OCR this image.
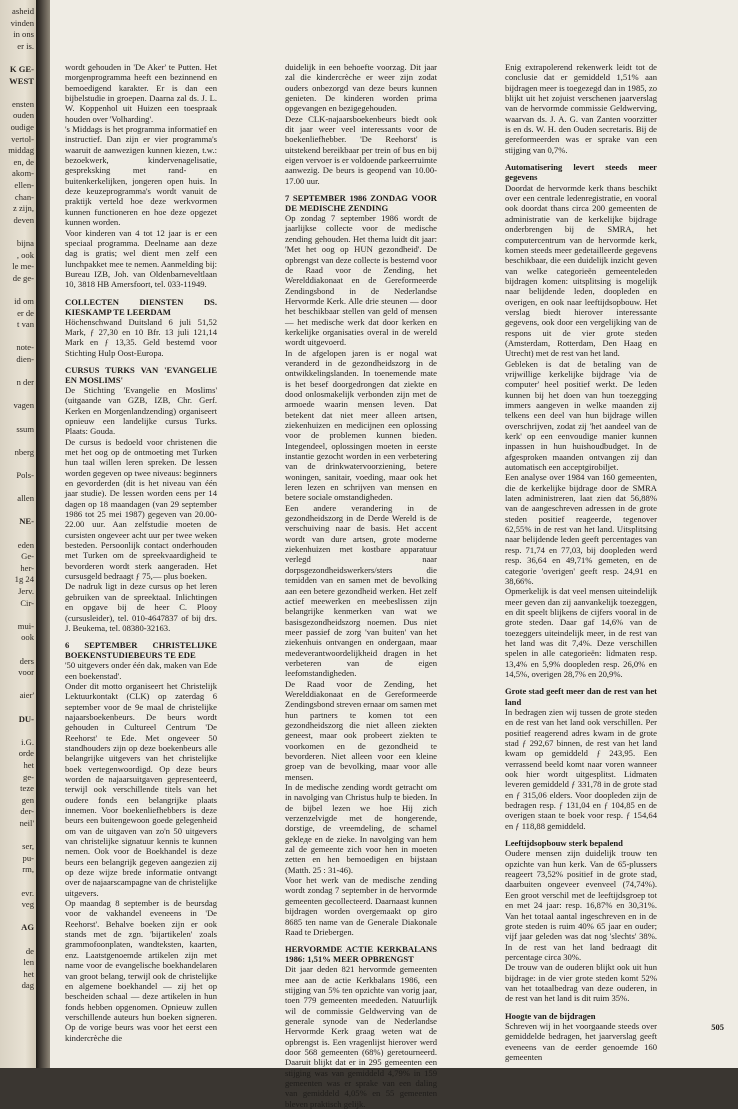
asheid
vinden
in ons
er is.
K GE-
WEST
ensten
ouden
oudige
vertol-
middag
en, de
akom-
ellen-
chan-
z zijn,
deven
bijna
, ook
le me-
de ge-
id om
er de
t van
note-
dien-
n der
vagen
ssum
nberg
Pols-
allen
NE-
eden
Ge-
her-
1g 24
Jerv.
Cir-
mui-
ook
ders
voor
aier'
DU-
i.G.
orde
het
ge-
teze
gen
der-
neil'
ser,
pu-
rm,
evr.
veg
AG
de
len
het
dag

wordt gehouden in 'De Aker' te Putten. Het morgenprogramma heeft een bezinnend en bemoedigend karakter. Er is dan een bijbelstudie in groepen. Daarna zal ds. J. L. W. Koppenhol uit Huizen een toespraak houden over 'Volharding'.

's Middags is het programma informatief en instructief. Dan zijn er vier programma's waaruit de aanwezigen kunnen kiezen, t.w.: bezoekwerk, kindervenagelisatie, gespreksking met rand- en buitenkerkelijken, jongeren open huis. In deze keuzeprogramma's wordt vanuit de praktijk verteld hoe deze werkvormen kunnen functioneren en hoe deze opgezet kunnen worden.

Voor kinderen van 4 tot 12 jaar is er een speciaal programma. Deelname aan deze dag is gratis; wel dient men zelf een lunchpakket mee te nemen. Aanmelding bij: Bureau IZB, Joh. van Oldenbarneveltlaan 10, 3818 HB Amersfoort, tel. 033-11949.

COLLECTEN DIENSTEN DS. KIESKAMP TE LEERDAM

Höchenschwand Duitsland 6 juli 51,52 Mark, ƒ 27,30 en 10 Bfr. 13 juli 121,14 Mark en ƒ 13,35. Geld bestemd voor Stichting Hulp Oost-Europa.

CURSUS TURKS VAN 'EVANGELIE EN MOSLIMS'

De Stichting 'Evangelie en Moslims' (uitgaande van GZB, IZB, Chr. Gerf. Kerken en Morgenlandzending) organiseert opnieuw een landelijke cursus Turks. Plaats: Gouda.

De cursus is bedoeld voor christenen die met het oog op de ontmoeting met Turken hun taal willen leren spreken. De lessen worden gegeven op twee niveaus: beginners en gevorderden (dit is het niveau van één jaar studie). De lessen worden eens per 14 dagen op 18 maandagen (van 29 september 1986 tot 25 mei 1987) gegeven van 20.00-22.00 uur. Aan zelfstudie moeten de cursisten ongeveer acht uur per twee weken besteden. Persoonlijk contact onderhouden met Turken om de spreekvaardigheid te bevorderen wordt sterk aangeraden. Het cursusgeld bedraagt ƒ 75,— plus boeken.

De nadruk ligt in deze cursus op het leren gebruiken van de spreektaal. Inlichtingen en opgave bij de heer C. Plooy (cursusleider), tel. 010-4647837 of bij drs. J. Beukema, tel. 08380-32163.

6 SEPTEMBER CHRISTELIJKE BOEKENSTUDIEBEURS TE EDE

'50 uitgevers onder één dak, maken van Ede een boekenstad'.

Onder dit motto organiseert het Christelijk Lektuurkontakt (CLK) op zaterdag 6 september voor de 9e maal de christelijke najaarsboekenbeurs. De beurs wordt gehouden in Cultureel Centrum 'De Reehorst' te Ede. Met ongeveer 50 standhouders zijn op deze boekenbeurs alle belangrijke uitgevers van het christelijke boek vertegenwoordigd. Op deze beurs worden de najaarsuitgaven gepresenteerd, terwijl ook verschillende titels van het oudere fonds een belangrijke plaats innemen. Voor boekenliefhebbers is deze beurs een buitengewoon goede gelegenheid om van de uitgaven van zo'n 50 uitgevers van christelijke signatuur kennis te kunnen nemen. Ook voor de Boekhandel is deze beurs een belangrijk gegeven aangezien zij op deze wijze brede informatie ontvangt over de najaarscampagne van de christelijke uitgevers.

Op maandag 8 september is de beursdag voor de vakhandel eveneens in 'De Reehorst'. Behalve boeken zijn er ook stands met de zgn. 'bijartikelen' zoals grammofoonplaten, wandteksten, kaarten, enz. Laatstgenoemde artikelen zijn met name voor de evangelische boekhandelaren van groot belang, terwijl ook de christelijke en algemene boekhandel — zij het op bescheiden schaal — deze artikelen in hun fonds hebben opgenomen. Opnieuw zullen verschillende auteurs hun boeken signeren. Op de vorige beurs was voor het eerst een kindercrèche die

duidelijk in een behoefte voorzag. Dit jaar zal die kindercrèche er weer zijn zodat ouders onbezorgd van deze beurs kunnen genieten. De kinderen worden prima opgevangen en bezigegehouden.

Deze CLK-najaarsboekenbeurs biedt ook dit jaar weer veel interessants voor de boekenliefhebber. 'De Reehorst' is uitstekend bereikbaar per trein of bus en bij eigen vervoer is er voldoende parkeerruimte aanwezig. De beurs is geopend van 10.00-17.00 uur.

7 SEPTEMBER 1986 ZONDAG VOOR DE MEDISCHE ZENDING

Op zondag 7 september 1986 wordt de jaarlijkse collecte voor de medische zending gehouden. Het thema luidt dit jaar: 'Met het oog op HUN gezondheid'. De opbrengst van deze collecte is bestemd voor de Raad voor de Zending, het Werelddiakonaat en de Gereformeerde Zendingsbond in de Nederlandse Hervormde Kerk. Alle drie steunen — door het beschikbaar stellen van geld of mensen — het medische werk dat door kerken en kerkelijke organisaties overal in de wereld wordt uitgevoerd.

In de afgelopen jaren is er nogal wat veranderd in de gezondheidszorg in de ontwikkelingslanden. In toenemende mate is het besef doorgedrongen dat ziekte en dood onlosmakelijk verbonden zijn met de armoede waarin mensen leven. Dat betekent dat niet meer alleen artsen, ziekenhuizen en medicijnen een oplossing voor de problemen kunnen bieden. Integendeel, oplossingen moeten in eerste instantie gezocht worden in een verbetering van de drinkwatervoorziening, betere woningen, sanitair, voeding, maar ook het leren lezen en schrijven van mensen en betere sociale omstandigheden.

Een andere verandering in de gezondheidszorg in de Derde Wereld is de verschuiving naar de basis. Het accent wordt van dure artsen, grote moderne ziekenhuizen met kostbare apparatuur verlegd naar dorpsgezondheidswerkers/sters die temidden van en samen met de bevolking aan een betere gezondheid werken. Het zelf actief meewerken en meebeslissen zijn belangrijke kenmerken van wat we basisgezondheidszorg noemen. Dus niet meer passief de zorg 'van buiten' van het ziekenhuis ontvangen en ondergaan, maar medeverantwoordelijkheid dragen in het verbeteren van de eigen leefomstandigheden.

De Raad voor de Zending, het Werelddiakonaat en de Gereformeerde Zendingsbond streven ernaar om samen met hun partners te komen tot een gezondheidszorg die niet alleen ziekten geneest, maar ook probeert ziekten te voorkomen en de gezondheid te bevorderen. Niet alleen voor een kleine groep van de bevolking, maar voor alle mensen.

In de medische zending wordt getracht om in navolging van Christus hulp te bieden. In de bijbel lezen we hoe Hij zich verzenzelvigde met de hongerende, dorstige, de vreemdeling, de schamel gekleде en de zieke. In navolging van hem zal de gemeente zich voor hen in moeten zetten en hen bemoedigen en bijstaan (Matth. 25 : 31-46).

Voor het werk van de medische zending wordt zondag 7 september in de hervormde gemeenten gecollecteerd. Daarnaast kunnen bijdragen worden overgemaakt op giro 8685 ten name van de Generale Diakonale Raad te Driebergen.

HERVORMDE ACTIE KERKBALANS 1986: 1,51% MEER OPBRENGST

Dit jaar deden 821 hervormde gemeenten mee aan de actie Kerkbalans 1986, een stijging van 5% ten opzichte van vorig jaar, toen 779 gemeenten meededen. Natuurlijk wil de commissie Geldwerving van de generale synode van de Nederlandse Hervormde Kerk graag weten wat de opbrengst is. Een vragenlijst hierover werd door 568 gemeenten (68%) geretourneerd. Daaruit blijkt dat er in 295 gemeenten een stijging was van gemiddeld 4,79% in 159 gemeenten was er sprake van een daling van gemiddeld 4,05% en 55 gemeenten bleven praktisch gelijk.

Enig extrapolerend rekenwerk leidt tot de conclusie dat er gemiddeld 1,51% aan bijdragen meer is toegezegd dan in 1985, zo blijkt uit het zojuist verschenen jaarverslag van de hervormde commissie Geldwerving, waarvan ds. J. A. G. van Zanten voorzitter is en ds. W. H. den Ouden secretaris. Bij de gereformeerden was er sprake van een stijging van 0,7%.

Automatisering levert steeds meer gegevens

Doordat de hervormde kerk thans beschikt over een centrale ledenregistratie, en vooral ook doordat thans circa 200 gemeenten de administratie van de kerkelijke bijdrage onderbrengen bij de SMRA, het computercentrum van de hervormde kerk, komen steeds meer gedetailleerde gegevens beschikbaar, die een duidelijk inzicht geven van welke categorieën gemeenteleden bijdragen komen: uitsplitsing is mogelijk naar belijdende leden, doopleden en overigen, en ook naar leeftijdsopbouw. Het verslag biedt hierover interessante gegevens, ook door een vergelijking van de respons uit de vier grote steden (Amsterdam, Rotterdam, Den Haag en Utrecht) met de rest van het land.

Gebleken is dat de betaling van de vrijwillige kerkelijke bijdrage 'via de computer' heel positief werkt. De leden kunnen bij het doen van hun toezegging immers aangeven in welke maanden zij telkens een deel van hun bijdrage willen overschrijven, zodat zij 'het aandeel van de kerk' op een eenvoudige manier kunnen inpassen in hun huishoudbudget. In de afgesproken maanden ontvangen zij dan automatisch een acceptgirobiljet.

Een analyse over 1984 van 160 gemeenten, die de kerkelijke bijdrage door de SMRA laten administreren, laat zien dat 56,88% van de aangeschreven adressen in de grote steden positief reageerde, tegenover 62,55% in de rest van het land. Uitsplitsing naar belijdende leden geeft percentages van resp. 71,74 en 77,03, bij doopleden werd resp. 36,64 en 49,71% gemeten, en de categorie 'overigen' geeft resp. 24,91 en 38,66%.

Opmerkelijk is dat veel mensen uiteindelijk meer geven dan zij aanvankelijk toezeggen, en dit speelt blijkens de cijfers vooral in de grote steden. Daar gaf 14,6% van de toezeggers uiteindelijk meer, in de rest van het land was dit 7,4%. Deze verschillen spelen in alle categorieën: lidmaten resp. 13,4% en 5,9% doopleden resp. 26,0% en 14,5%, overigen 28,7% en 20,9%.

Grote stad geeft meer dan de rest van het land

In bedragen zien wij tussen de grote steden en de rest van het land ook verschillen. Per positief reagerend adres kwam in de grote stad ƒ 292,67 binnen, de rest van het land kwam op gemiddeld ƒ 243,95. Een verrassend beeld komt naar voren wanneer ook hier wordt uitgesplitst. Lidmaten leveren gemiddeld ƒ 331,78 in de grote stad en ƒ 315,06 elders. Voor doopleden zijn de bedragen resp. ƒ 131,04 en ƒ 104,85 en de overigen staan te boek voor resp. ƒ 154,64 en ƒ 118,88 gemiddeld.

Leeftijdsopbouw sterk bepalend

Oudere mensen zijn duidelijk trouw ten opzichte van hun kerk. Van de 65-plussers reageert 73,52% positief in de grote stad, daarbuiten ongeveer evenveel (74,74%). Een groot verschil met de leeftijdsgroep tot en met 24 jaar: resp. 16,87% en 30,31%. Van het totaal aantal ingeschreven en in de grote steden is ruim 40% 65 jaar en ouder; vijf jaar geleden was dat nog 'slechts' 38%. In de rest van het land bedraagt dit percentage circa 30%.

De trouw van de ouderen blijkt ook uit hun bijdrage: in de vier grote steden komt 52% van het totaalbedrag van deze ouderen, in de rest van het land is dit ruim 35%.

Hoogte van de bijdragen

Schreven wij in het voorgaande steeds over gemiddelde bedragen, het jaarverslag geeft eveneens van de eerder genoemde 160 gemeenten

505
